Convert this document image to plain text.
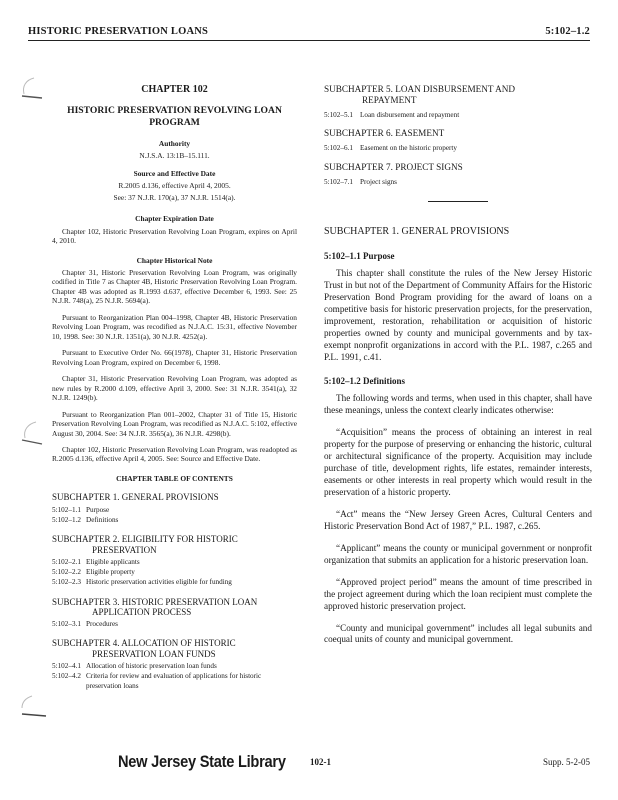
HISTORIC PRESERVATION LOANS	5:102–1.2
CHAPTER 102
HISTORIC PRESERVATION REVOLVING LOAN PROGRAM
Authority
N.J.S.A. 13:1B–15.111.
Source and Effective Date
R.2005 d.136, effective April 4, 2005.
See: 37 N.J.R. 170(a), 37 N.J.R. 1514(a).
Chapter Expiration Date

Chapter 102, Historic Preservation Revolving Loan Program, expires on April 4, 2010.

Chapter Historical Note

Chapter 31, Historic Preservation Revolving Loan Program, was originally codified in Title 7 as Chapter 4B, Historic Preservation Revolving Loan Program. Chapter 4B was adopted as R.1993 d.637, effective December 6, 1993. See: 25 N.J.R. 748(a), 25 N.J.R. 5694(a).

Pursuant to Reorganization Plan 004–1998, Chapter 4B, Historic Preservation Revolving Loan Program, was recodified as N.J.A.C. 15:31, effective November 10, 1998. See: 30 N.J.R. 1351(a), 30 N.J.R. 4252(a).

Pursuant to Executive Order No. 66(1978), Chapter 31, Historic Preservation Revolving Loan Program, expired on December 6, 1998.

Chapter 31, Historic Preservation Revolving Loan Program, was adopted as new rules by R.2000 d.109, effective April 3, 2000. See: 31 N.J.R. 3541(a), 32 N.J.R. 1249(b).

Pursuant to Reorganization Plan 001–2002, Chapter 31 of Title 15, Historic Preservation Revolving Loan Program, was recodified as N.J.A.C. 5:102, effective August 30, 2004. See: 34 N.J.R. 3565(a), 36 N.J.R. 4298(b).

Chapter 102, Historic Preservation Revolving Loan Program, was readopted as R.2005 d.136, effective April 4, 2005. See: Source and Effective Date.

CHAPTER TABLE OF CONTENTS
SUBCHAPTER 1. GENERAL PROVISIONS
5:102–1.1 Purpose
5:102–1.2 Definitions
SUBCHAPTER 2. ELIGIBILITY FOR HISTORIC
PRESERVATION
5:102–2.1 Eligible applicants
5:102–2.2 Eligible property
5:102–2.3 Historic preservation activities eligible for funding
SUBCHAPTER 3. HISTORIC PRESERVATION LOAN
APPLICATION PROCESS
5:102–3.1 Procedures
SUBCHAPTER 4. ALLOCATION OF HISTORIC
PRESERVATION LOAN FUNDS
5:102–4.1 Allocation of historic preservation loan funds
5:102–4.2 Criteria for review and evaluation of applications for historic preservation loans
SUBCHAPTER 5. LOAN DISBURSEMENT AND
REPAYMENT
5:102–5.1 Loan disbursement and repayment
SUBCHAPTER 6. EASEMENT
5:102–6.1 Easement on the historic property
SUBCHAPTER 7. PROJECT SIGNS
5:102–7.1 Project signs
SUBCHAPTER 1. GENERAL PROVISIONS
5:102–1.1 Purpose

This chapter shall constitute the rules of the New Jersey Historic Trust in but not of the Department of Community Affairs for the Historic Preservation Bond Program providing for the award of loans on a competitive basis for historic preservation projects, for the preservation, improvement, restoration, rehabilitation or acquisition of historic properties owned by county and municipal governments and by tax-exempt nonprofit organizations in accord with the P.L. 1987, c.265 and P.L. 1991, c.41.

5:102–1.2 Definitions

The following words and terms, when used in this chapter, shall have these meanings, unless the context clearly indicates otherwise:

“Acquisition” means the process of obtaining an interest in real property for the purpose of preserving or enhancing the historic, cultural or architectural significance of the property. Acquisition may include purchase of title, development rights, life estates, remainder interests, easements or other interests in real property which would result in the preservation of a historic property.

“Act” means the “New Jersey Green Acres, Cultural Centers and Historic Preservation Bond Act of 1987,” P.L. 1987, c.265.

“Applicant” means the county or municipal government or nonprofit organization that submits an application for a historic preservation loan.

“Approved project period” means the amount of time prescribed in the project agreement during which the loan recipient must complete the approved historic preservation project.

“County and municipal government” includes all legal subunits and coequal units of county and municipal government.

New Jersey State Library	102-1	Supp. 5-2-05
